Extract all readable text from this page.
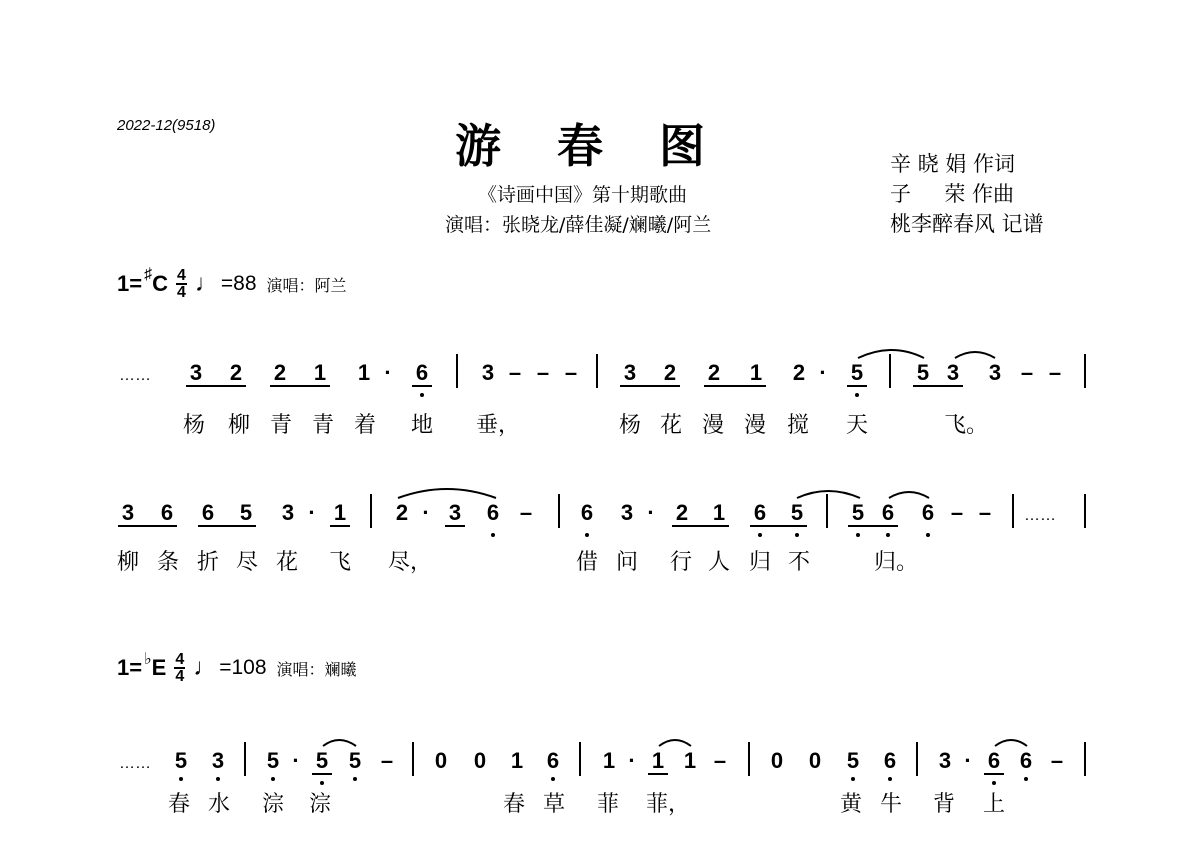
2022-12(9518)	游春图
《诗画中国》第十期歌曲
演唱：张晓龙/薛佳凝/斓曦/阿兰
辛 晓 娟 作词
子     荣 作曲
桃李醉春风 记谱
1= ♯ C 4
4 ♩ =88 演唱：阿兰
1= ♭ E 4
4 ♩ =108 演唱：斓曦
…… 3 2 2 1 1 · 6 3 – – – 3 2 2 1 2 · 5 5 3 3 – –
杨 柳 青 青 着 地 垂，	杨 花 漫 漫 搅 天	飞。
3 6 6 5 3 · 1 2 · 3 6 – 6 3 · 2 1 6 5 5 6 6 – – ……
柳 条 折 尽 花 飞 尽，	借 问 行 人 归 不	归。
…… 5 3 5 · 5 5 – 0 0 1 6 1 · 1 1 – 0 0 5 6 3 · 6 6 –
春 水 淙 淙	春 草 菲 菲，	黄 牛 背 上
